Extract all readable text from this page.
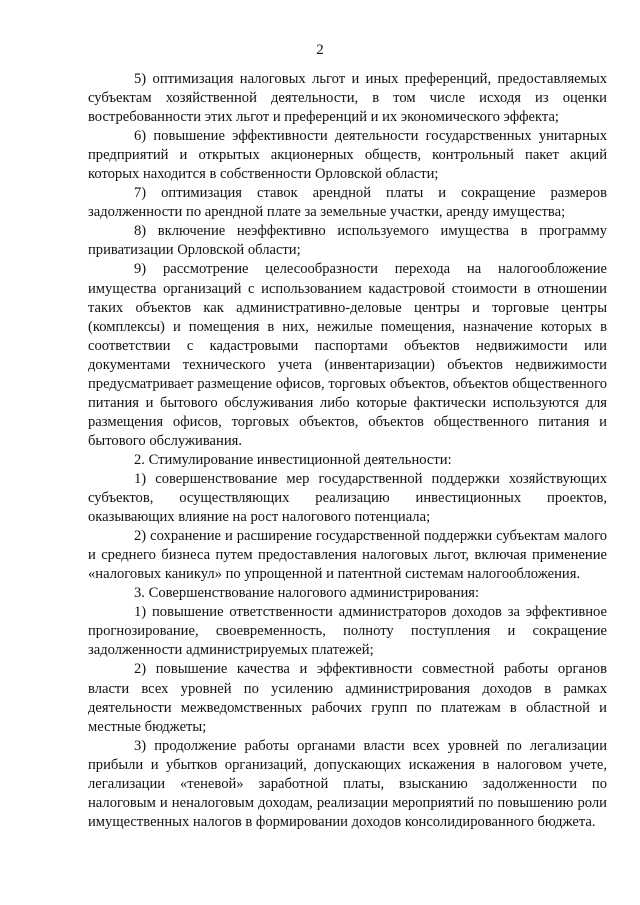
2

5) оптимизация налоговых льгот и иных преференций, предоставляемых субъектам хозяйственной деятельности, в том числе исходя из оценки востребованности этих льгот и преференций и их экономического эффекта;

6) повышение эффективности деятельности государственных унитарных предприятий и открытых акционерных обществ, контрольный пакет акций которых находится в собственности Орловской области;

7) оптимизация ставок арендной платы и сокращение размеров задолженности по арендной плате за земельные участки, аренду имущества;

8) включение неэффективно используемого имущества в программу приватизации Орловской области;

9) рассмотрение целесообразности перехода на налогообложение имущества организаций с использованием кадастровой стоимости в отношении таких объектов как административно-деловые центры и торговые центры (комплексы) и помещения в них, нежилые помещения, назначение которых в соответствии с кадастровыми паспортами объектов недвижимости или документами технического учета (инвентаризации) объектов недвижимости предусматривает размещение офисов, торговых объектов, объектов общественного питания и бытового обслуживания либо которые фактически используются для размещения офисов, торговых объектов, объектов общественного питания и бытового обслуживания.

2. Стимулирование инвестиционной деятельности:

1) совершенствование мер государственной поддержки хозяйствующих субъектов, осуществляющих реализацию инвестиционных проектов, оказывающих влияние на рост налогового потенциала;

2) сохранение и расширение государственной поддержки субъектам малого и среднего бизнеса путем предоставления налоговых льгот, включая применение «налоговых каникул» по упрощенной и патентной системам налогообложения.

3. Совершенствование налогового администрирования:

1) повышение ответственности администраторов доходов за эффективное прогнозирование, своевременность, полноту поступления и сокращение задолженности администрируемых платежей;

2) повышение качества и эффективности совместной работы органов власти всех уровней по усилению администрирования доходов в рамках деятельности межведомственных рабочих групп по платежам в областной и местные бюджеты;

3) продолжение работы органами власти всех уровней по легализации прибыли и убытков организаций, допускающих искажения в налоговом учете, легализации «теневой» заработной платы, взысканию задолженности по налоговым и неналоговым доходам, реализации мероприятий по повышению роли имущественных налогов в формировании доходов консолидированного бюджета.
